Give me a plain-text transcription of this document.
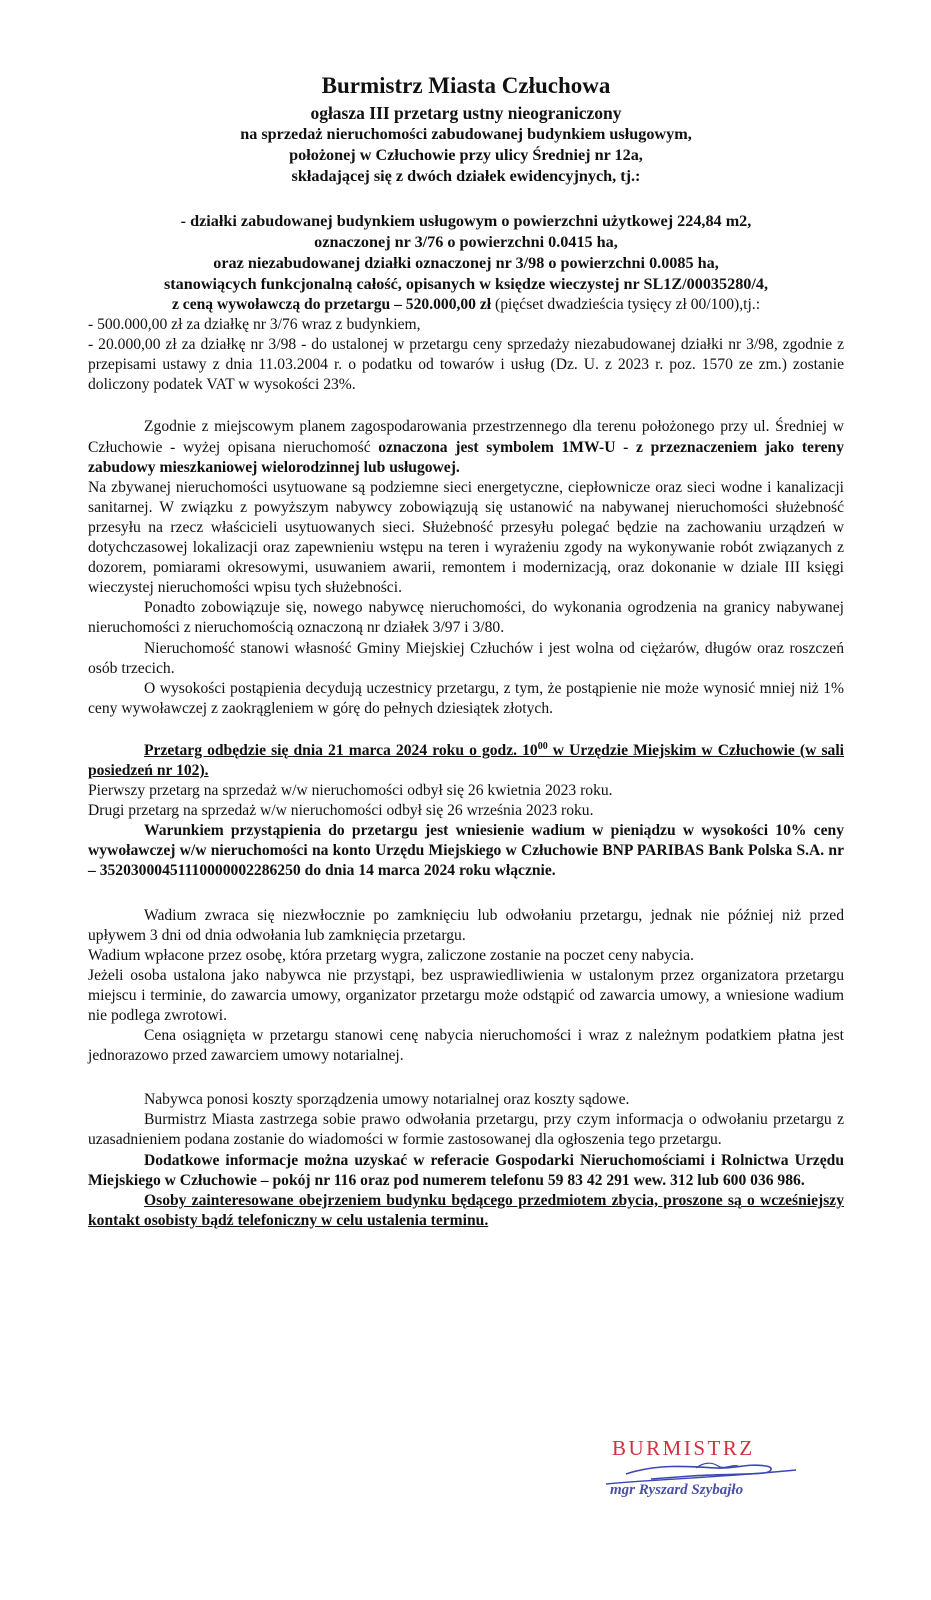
Burmistrz Miasta Człuchowa
ogłasza III przetarg ustny nieograniczony
na sprzedaż nieruchomości zabudowanej budynkiem usługowym,
położonej w Człuchowie przy ulicy Średniej nr 12a,
składającej się z dwóch działek ewidencyjnych, tj.:
- działki zabudowanej budynkiem usługowym o powierzchni użytkowej 224,84 m2,
oznaczonej nr 3/76 o powierzchni 0.0415 ha,
oraz niezabudowanej działki oznaczonej nr 3/98 o powierzchni 0.0085 ha,
stanowiących funkcjonalną całość, opisanych w księdze wieczystej nr SL1Z/00035280/4,
z ceną wywoławczą do przetargu – 520.000,00 zł (pięćset dwadzieścia tysięcy zł 00/100),tj.:

- 500.000,00 zł za działkę nr 3/76 wraz z budynkiem,

- 20.000,00 zł za działkę nr 3/98 - do ustalonej w przetargu ceny sprzedaży niezabudowanej działki nr 3/98, zgodnie z przepisami ustawy z dnia 11.03.2004 r. o podatku od towarów i usług (Dz. U. z 2023 r. poz. 1570 ze zm.) zostanie doliczony podatek VAT w wysokości 23%.

Zgodnie z miejscowym planem zagospodarowania przestrzennego dla terenu położonego przy ul. Średniej w Człuchowie - wyżej opisana nieruchomość oznaczona jest symbolem 1MW-U - z przeznaczeniem jako tereny zabudowy mieszkaniowej wielorodzinnej lub usługowej.

Na zbywanej nieruchomości usytuowane są podziemne sieci energetyczne, ciepłownicze oraz sieci wodne i kanalizacji sanitarnej. W związku z powyższym nabywcy zobowiązują się ustanowić na nabywanej nieruchomości służebność przesyłu na rzecz właścicieli usytuowanych sieci. Służebność przesyłu polegać będzie na zachowaniu urządzeń w dotychczasowej lokalizacji oraz zapewnieniu wstępu na teren i wyrażeniu zgody na wykonywanie robót związanych z dozorem, pomiarami okresowymi, usuwaniem awarii, remontem i modernizacją, oraz dokonanie w dziale III księgi wieczystej nieruchomości wpisu tych służebności.

Ponadto zobowiązuje się, nowego nabywcę nieruchomości, do wykonania ogrodzenia na granicy nabywanej nieruchomości z nieruchomością oznaczoną nr działek 3/97 i 3/80.

Nieruchomość stanowi własność Gminy Miejskiej Człuchów i jest wolna od ciężarów, długów oraz roszczeń osób trzecich.

O wysokości postąpienia decydują uczestnicy przetargu, z tym, że postąpienie nie może wynosić mniej niż 1% ceny wywoławczej z zaokrągleniem w górę do pełnych dziesiątek złotych.

Przetarg odbędzie się dnia 21 marca 2024 roku o godz. $10^{00}$ w Urzędzie Miejskim w Człuchowie (w sali posiedzeń nr 102).

Pierwszy przetarg na sprzedaż w/w nieruchomości odbył się 26 kwietnia 2023 roku.

Drugi przetarg na sprzedaż w/w nieruchomości odbył się 26 września 2023 roku.

Warunkiem przystąpienia do przetargu jest wniesienie wadium w pieniądzu w wysokości 10% ceny wywoławczej w/w nieruchomości na konto Urzędu Miejskiego w Człuchowie BNP PARIBAS Bank Polska S.A. nr – 35203000451110000002286250 do dnia 14 marca 2024 roku włącznie.

Wadium zwraca się niezwłocznie po zamknięciu lub odwołaniu przetargu, jednak nie później niż przed upływem 3 dni od dnia odwołania lub zamknięcia przetargu.

Wadium wpłacone przez osobę, która przetarg wygra, zaliczone zostanie na poczet ceny nabycia.

Jeżeli osoba ustalona jako nabywca nie przystąpi, bez usprawiedliwienia w ustalonym przez organizatora przetargu miejscu i terminie, do zawarcia umowy, organizator przetargu może odstąpić od zawarcia umowy, a wniesione wadium nie podlega zwrotowi.

Cena osiągnięta w przetargu stanowi cenę nabycia nieruchomości i wraz z należnym podatkiem płatna jest jednorazowo przed zawarciem umowy notarialnej.

Nabywca ponosi koszty sporządzenia umowy notarialnej oraz koszty sądowe.

Burmistrz Miasta zastrzega sobie prawo odwołania przetargu, przy czym informacja o odwołaniu przetargu z uzasadnieniem podana zostanie do wiadomości w formie zastosowanej dla ogłoszenia tego przetargu.

Dodatkowe informacje można uzyskać w referacie Gospodarki Nieruchomościami i Rolnictwa Urzędu Miejskiego w Człuchowie – pokój nr 116 oraz pod numerem telefonu 59 83 42 291 wew. 312 lub 600 036 986.

Osoby zainteresowane obejrzeniem budynku będącego przedmiotem zbycia, proszone są o wcześniejszy kontakt osobisty bądź telefoniczny w celu ustalenia terminu.

BURMISTRZ
mgr Ryszard Szybajło
